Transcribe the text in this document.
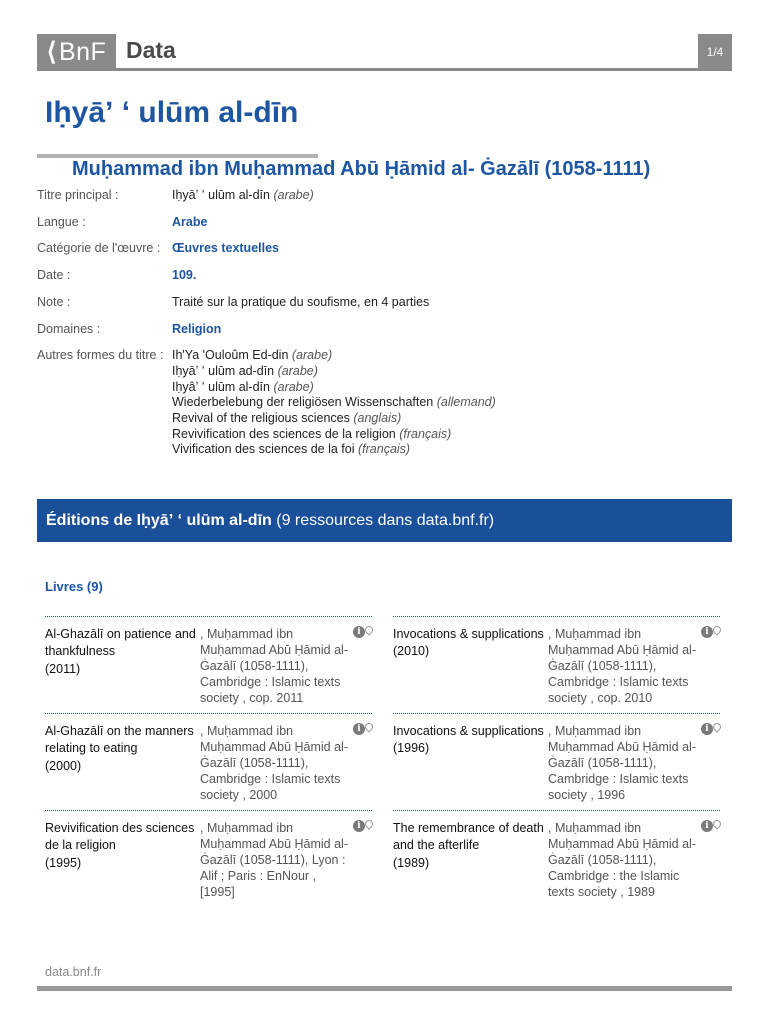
⟨BnF Data	1/4
Iḥyāʼ ʻ ulūm al-dīn
Muḥammad ibn Muḥammad Abū Ḥāmid al- Ġazālī (1058-1111)
Titre principal :	Iḥyāʼ ʻ ulūm al-dīn (arabe)
Langue :	Arabe
Catégorie de l'œuvre : Œuvres textuelles
Date :	109.
Note :	Traité sur la pratique du soufisme, en 4 parties
Domaines :	Religion
Autres formes du titre : Ih'Ya 'Ouloûm Ed-din (arabe)
Iḥyāʼ ʻ ulūm ad-dīn (arabe)
Iḥyâʼ ʻ ulūm al-dīn (arabe)
Wiederbelebung der religiösen Wissenschaften (allemand)
Revival of the religious sciences (anglais)
Revivification des sciences de la religion (français)
Vivification des sciences de la foi (français)
Éditions de Iḥyāʼ ʻ ulūm al-dīn (9 ressources dans data.bnf.fr)
Livres (9)
Al-Ghazālī on patience and thankfulness
(2011)
, Muḥammad ibn Muḥammad Abū Ḥāmid al-Ġazālī (1058-1111), Cambridge : Islamic texts society , cop. 2011
i	Invocations & supplications
(2010)
, Muḥammad ibn Muḥammad Abū Ḥāmid al-Ġazālī (1058-1111), Cambridge : Islamic texts society , cop. 2010
i
Al-Ghazālī on the manners relating to eating
(2000)
, Muḥammad ibn Muḥammad Abū Ḥāmid al-Ġazālī (1058-1111), Cambridge : Islamic texts society , 2000
i	Invocations & supplications
(1996)
, Muḥammad ibn Muḥammad Abū Ḥāmid al-Ġazālī (1058-1111), Cambridge : Islamic texts society , 1996
i
Revivification des sciences de la religion
(1995)
, Muḥammad ibn Muḥammad Abū Ḥāmid al-Ġazālī (1058-1111), Lyon : Alif ; Paris : EnNour , [1995]
i	The remembrance of death and the afterlife
(1989)
, Muḥammad ibn Muḥammad Abū Ḥāmid al-Ġazālī (1058-1111), Cambridge : the Islamic texts society , 1989
i
data.bnf.fr
